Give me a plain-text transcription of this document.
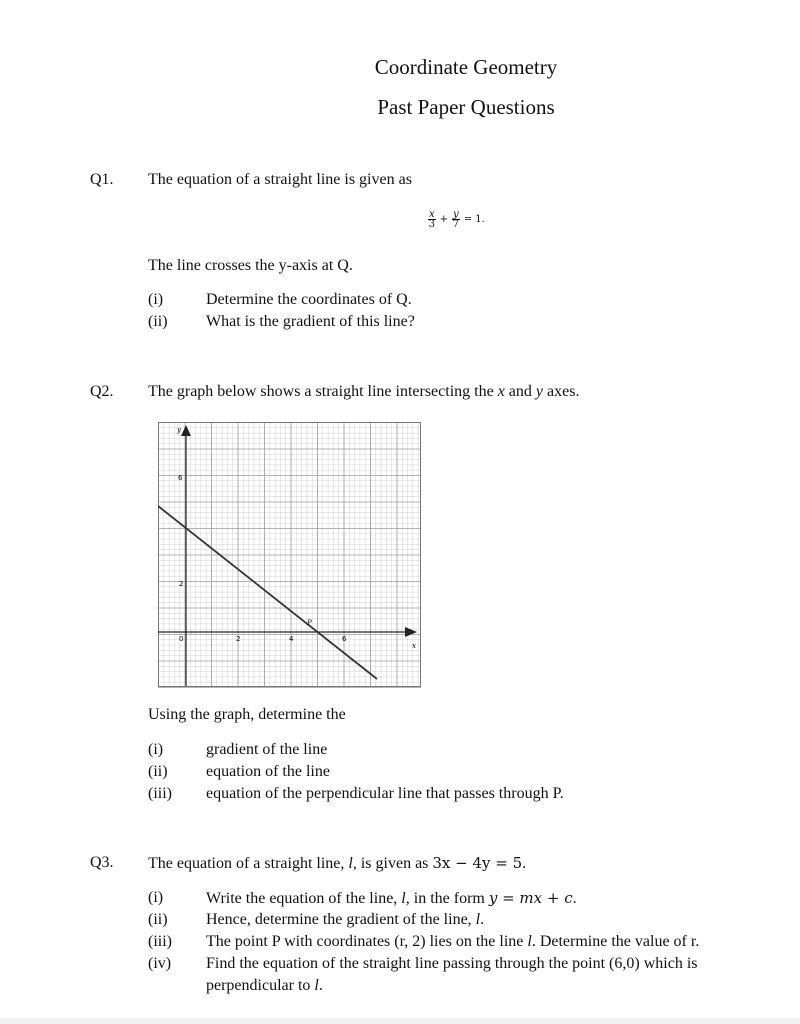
Coordinate Geometry
Past Paper Questions
Q1. The equation of a straight line is given as
$\frac{x}{3} + \frac{y}{7} = 1$.
The line crosses the y-axis at Q.
(i)	Determine the coordinates of Q.
(ii) What is the gradient of this line?
Q2. The graph below shows a straight line intersecting the x and y axes.
y
x
0
6
2
2	4	6
P
Using the graph, determine the
(i)	gradient of the line
(ii) equation of the line
(iii) equation of the perpendicular line that passes through P.
Q3. The equation of a straight line, l, is given as 3x − 4y = 5.
(i)	Write the equation of the line, l, in the form y = mx + c.
(ii) Hence, determine the gradient of the line, l.
(iii) The point P with coordinates (r, 2) lies on the line l. Determine the value of r.
(iv) Find the equation of the straight line passing through the point (6,0) which is
perpendicular to l.
